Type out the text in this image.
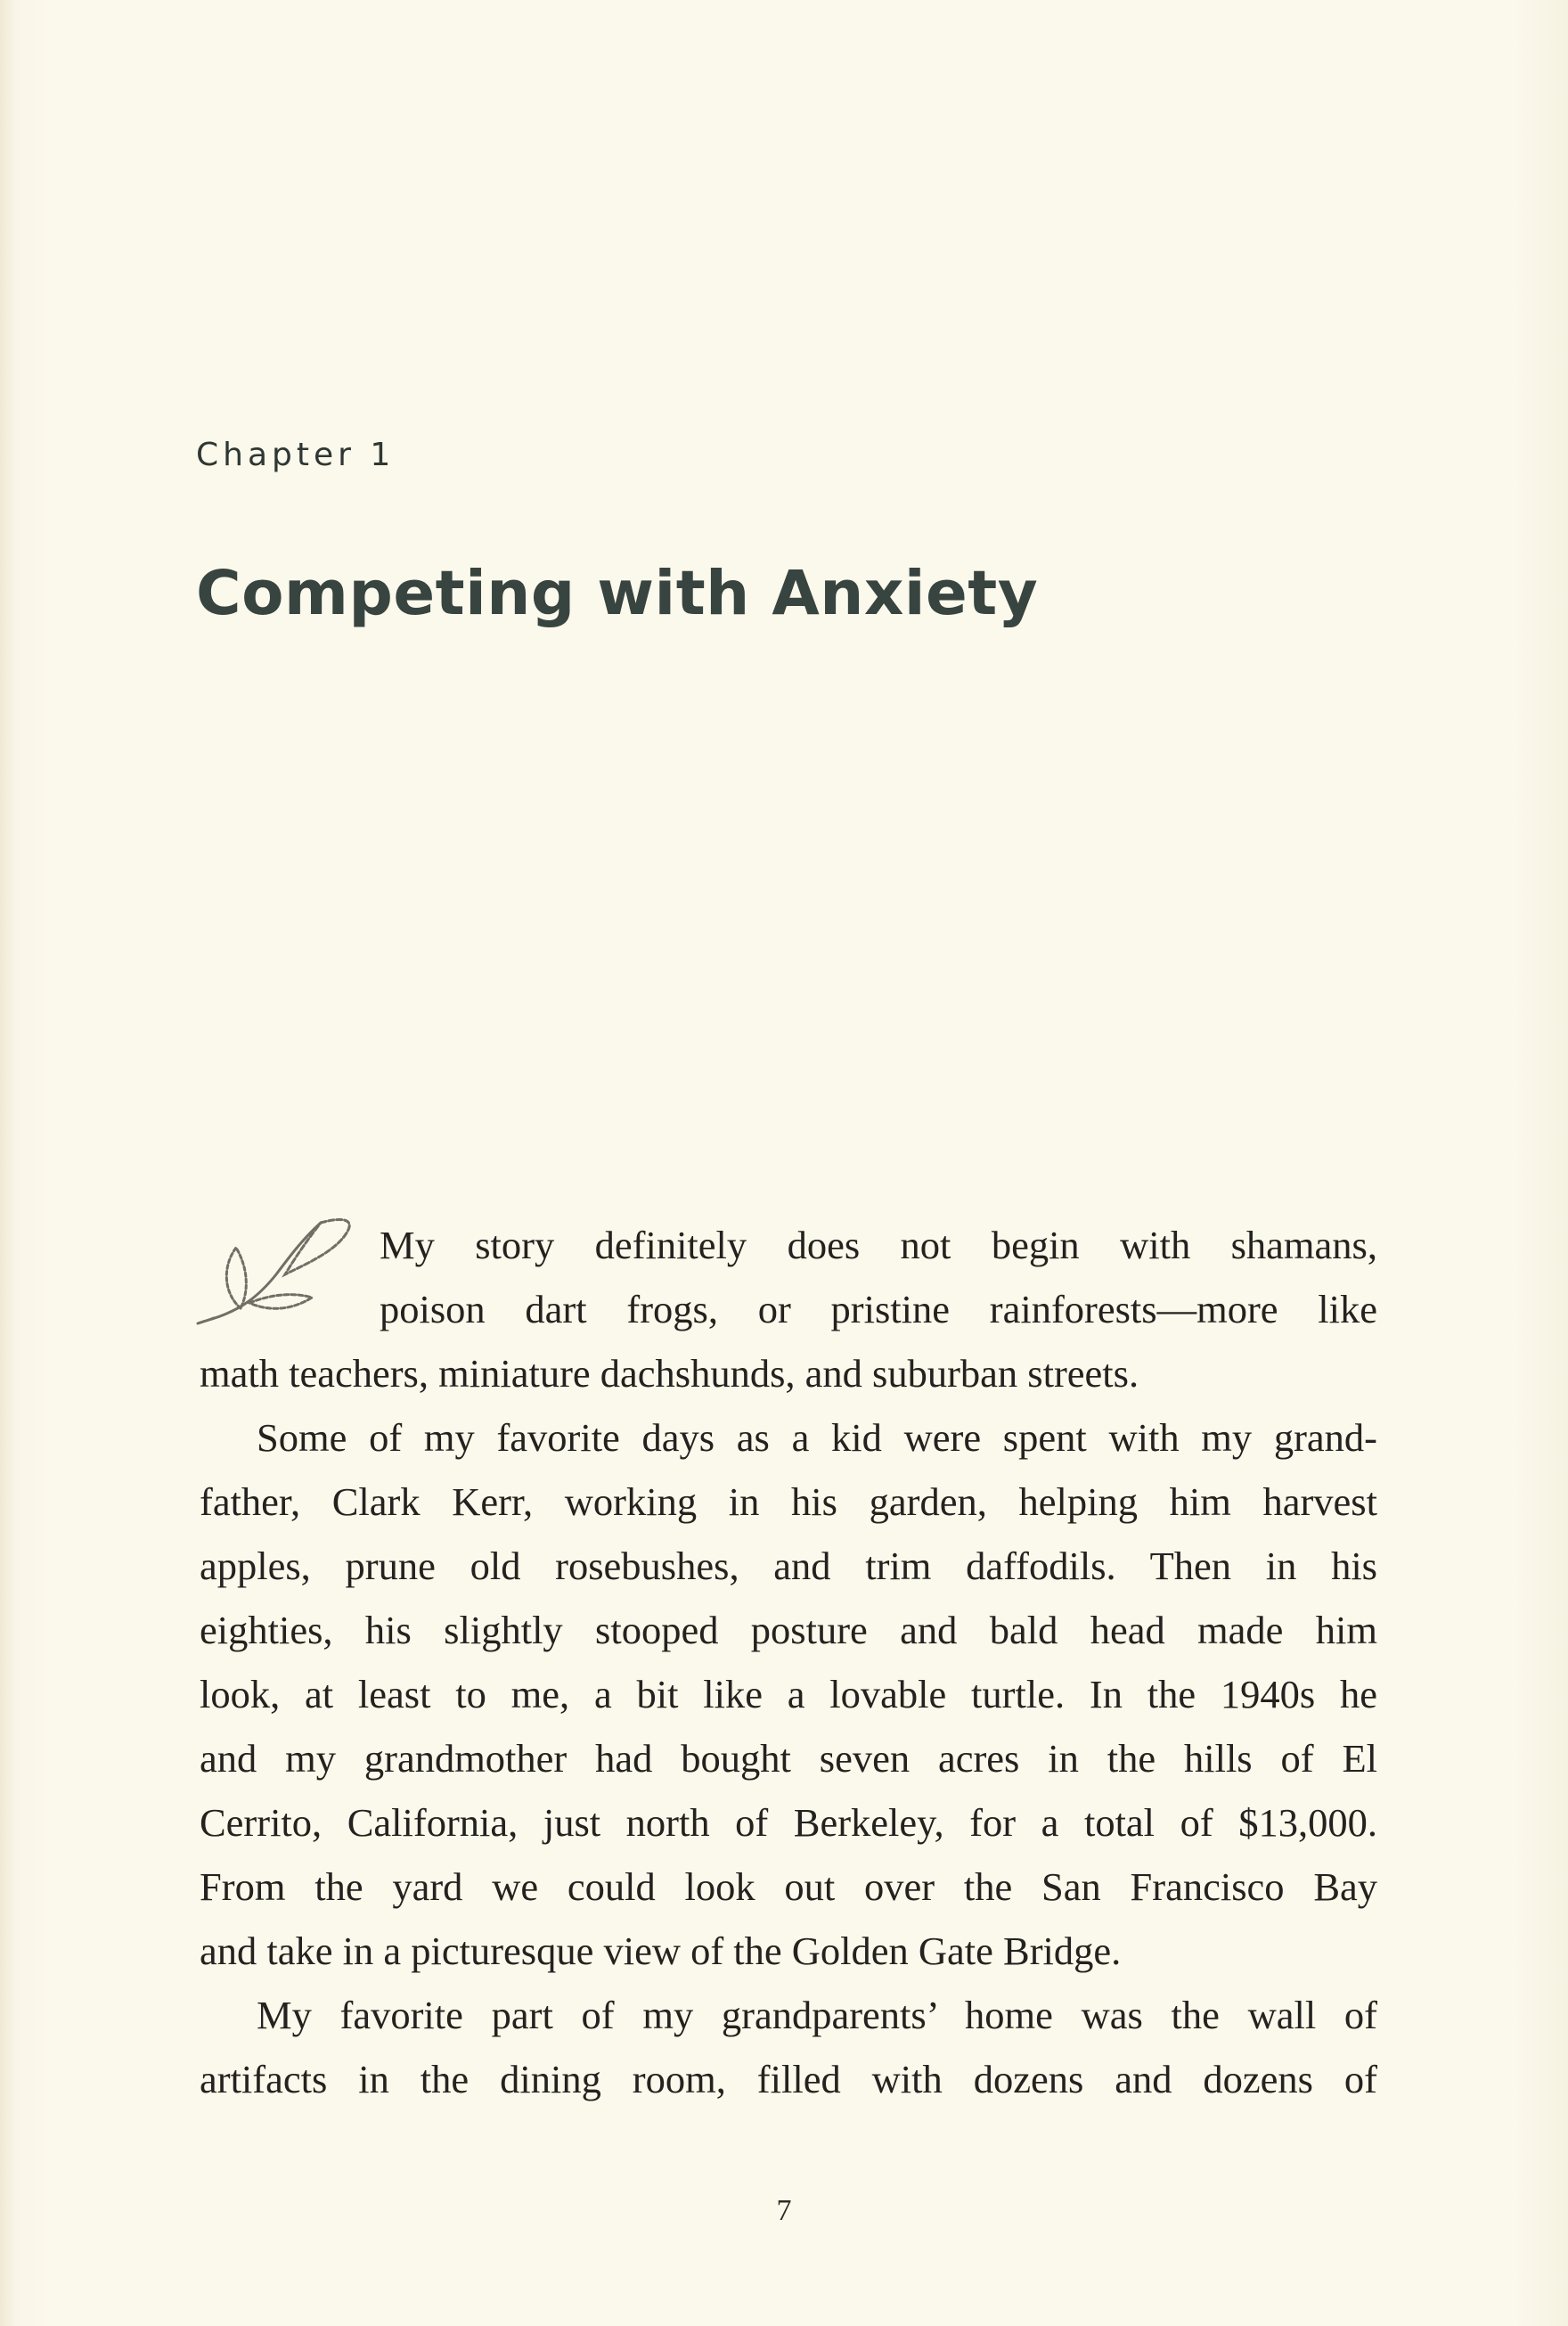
Chapter 1
Competing with Anxiety
My story definitely does not begin with shamans,
poison dart frogs, or pristine rainforests—more like
math teachers, miniature dachshunds, and suburban streets.
Some of my favorite days as a kid were spent with my grand-
father, Clark Kerr, working in his garden, helping him harvest
apples, prune old rosebushes, and trim daffodils. Then in his
eighties, his slightly stooped posture and bald head made him
look, at least to me, a bit like a lovable turtle. In the 1940s he
and my grandmother had bought seven acres in the hills of El
Cerrito, California, just north of Berkeley, for a total of $13,000.
From the yard we could look out over the San Francisco Bay
and take in a picturesque view of the Golden Gate Bridge.
My favorite part of my grandparents’ home was the wall of
artifacts in the dining room, filled with dozens and dozens of
7
